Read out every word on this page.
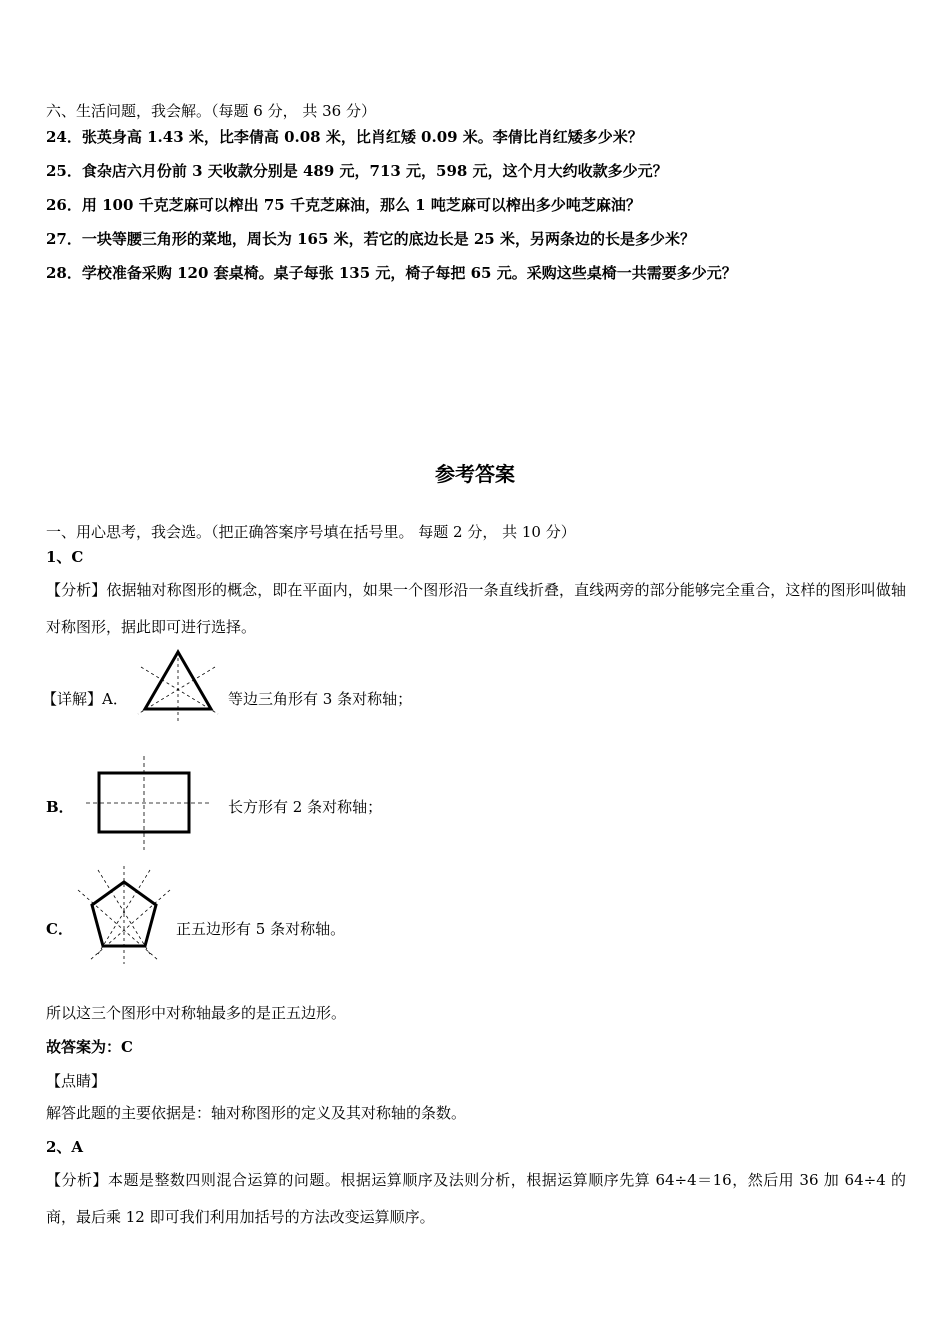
六、生活问题，我会解。（每题 6 分， 共 36 分）
24．张英身高 1.43 米，比李倩高 0.08 米，比肖红矮 0.09 米。李倩比肖红矮多少米？
25．食杂店六月份前 3 天收款分别是 489 元，713 元，598 元，这个月大约收款多少元？
26．用 100 千克芝麻可以榨出 75 千克芝麻油，那么 1 吨芝麻可以榨出多少吨芝麻油？
27．一块等腰三角形的菜地，周长为 165 米，若它的底边长是 25 米，另两条边的长是多少米？
28．学校准备采购 120 套桌椅。桌子每张 135 元，椅子每把 65 元。采购这些桌椅一共需要多少元？
参考答案
一、用心思考，我会选。（把正确答案序号填在括号里。 每题 2 分， 共 10 分）
1、C
【分析】依据轴对称图形的概念，即在平面内，如果一个图形沿一条直线折叠，直线两旁的部分能够完全重合，这样的图形叫做轴对称图形，据此即可进行选择。
【详解】A．	等边三角形有 3 条对称轴；
B．	长方形有 2 条对称轴；
C．	正五边形有 5 条对称轴。
所以这三个图形中对称轴最多的是正五边形。
故答案为：C
【点睛】
解答此题的主要依据是：轴对称图形的定义及其对称轴的条数。
2、A
【分析】本题是整数四则混合运算的问题。根据运算顺序及法则分析，根据运算顺序先算 64÷4＝16，然后用 36 加 64÷4 的商，最后乘 12 即可我们利用加括号的方法改变运算顺序。
